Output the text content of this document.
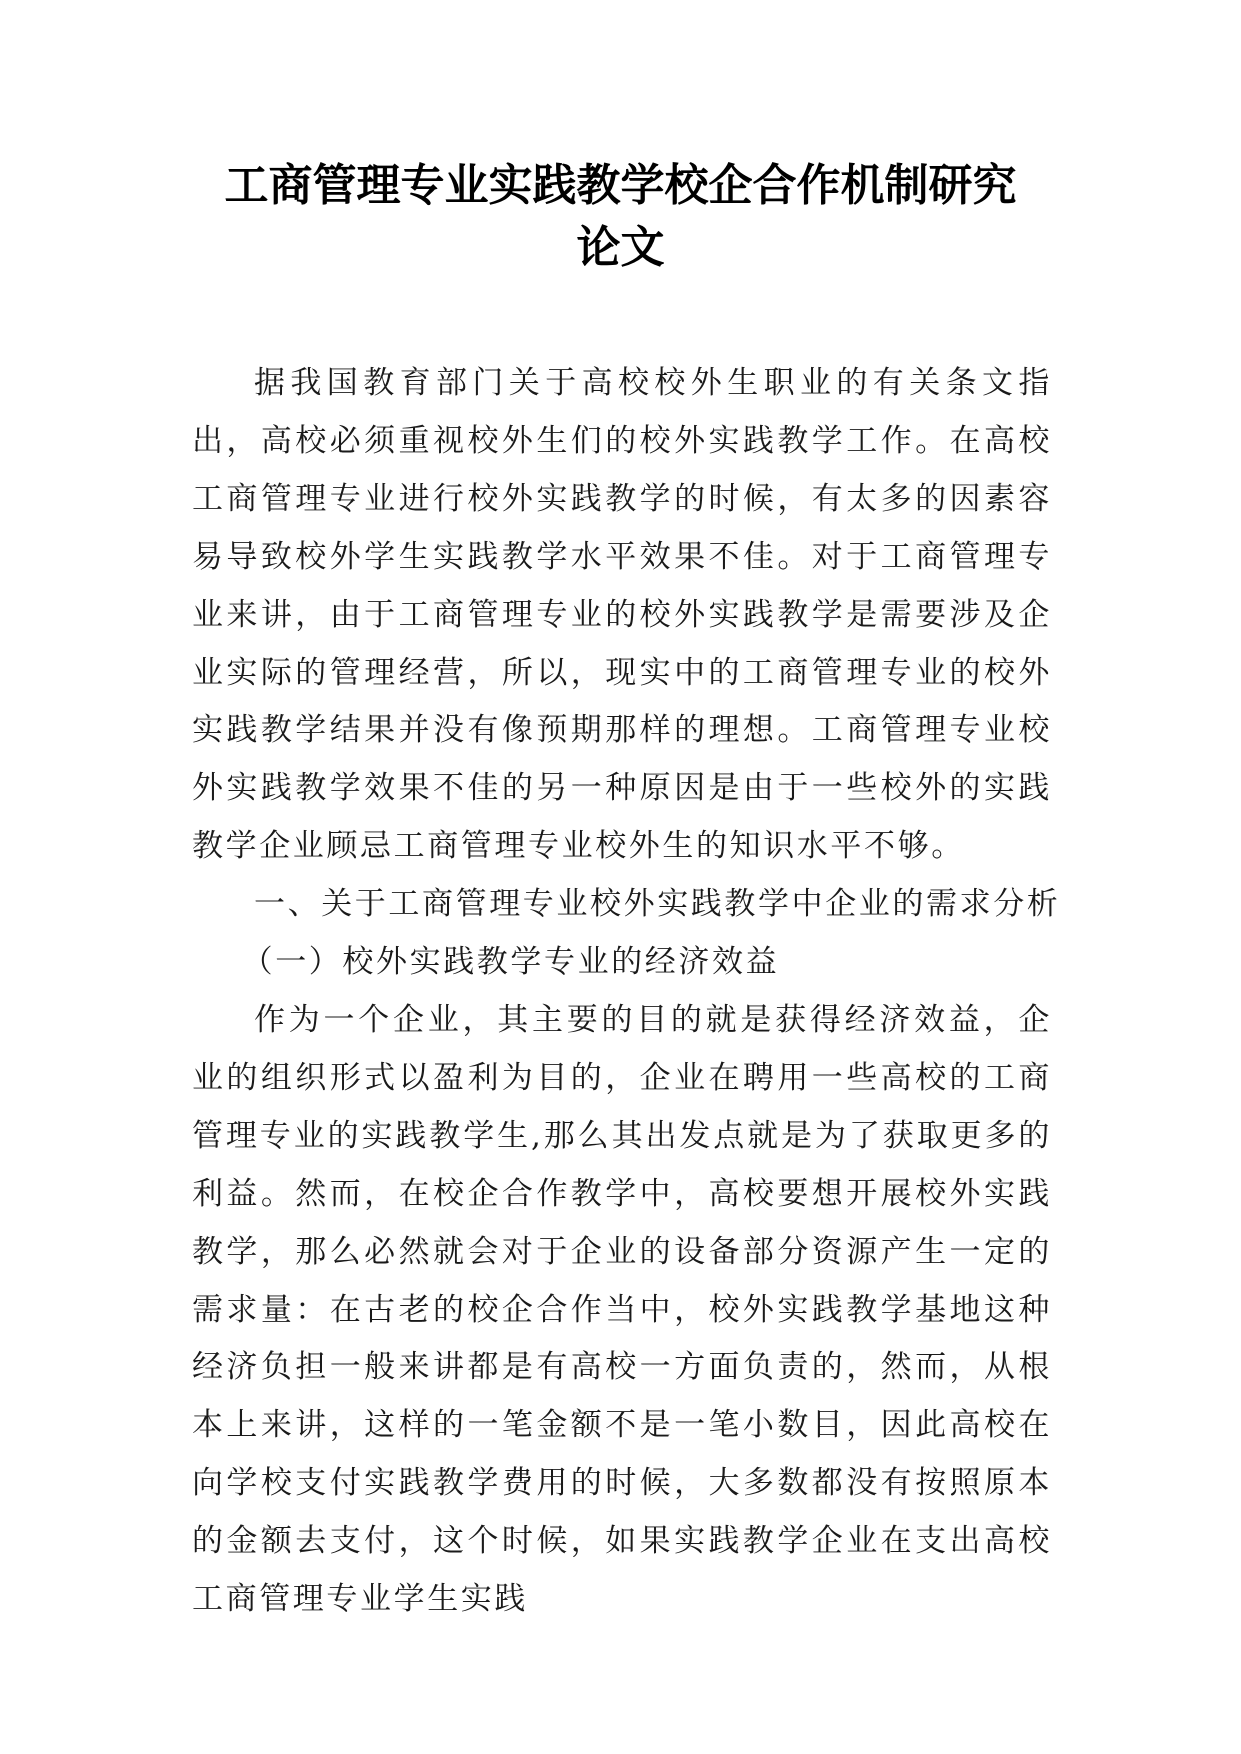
工商管理专业实践教学校企合作机制研究
论文

据我国教育部门关于高校校外生职业的有关条文指出，高校必须重视校外生们的校外实践教学工作。在高校工商管理专业进行校外实践教学的时候，有太多的因素容易导致校外学生实践教学水平效果不佳。对于工商管理专业来讲，由于工商管理专业的校外实践教学是需要涉及企业实际的管理经营，所以，现实中的工商管理专业的校外实践教学结果并没有像预期那样的理想。工商管理专业校外实践教学效果不佳的另一种原因是由于一些校外的实践教学企业顾忌工商管理专业校外生的知识水平不够。

一、关于工商管理专业校外实践教学中企业的需求分析

（一）校外实践教学专业的经济效益

作为一个企业，其主要的目的就是获得经济效益，企业的组织形式以盈利为目的，企业在聘用一些高校的工商管理专业的实践教学生,那么其出发点就是为了获取更多的利益。然而，在校企合作教学中，高校要想开展校外实践教学，那么必然就会对于企业的设备部分资源产生一定的需求量：在古老的校企合作当中，校外实践教学基地这种经济负担一般来讲都是有高校一方面负责的，然而，从根本上来讲，这样的一笔金额不是一笔小数目，因此高校在向学校支付实践教学费用的时候，大多数都没有按照原本的金额去支付，这个时候，如果实践教学企业在支出高校工商管理专业学生实践
